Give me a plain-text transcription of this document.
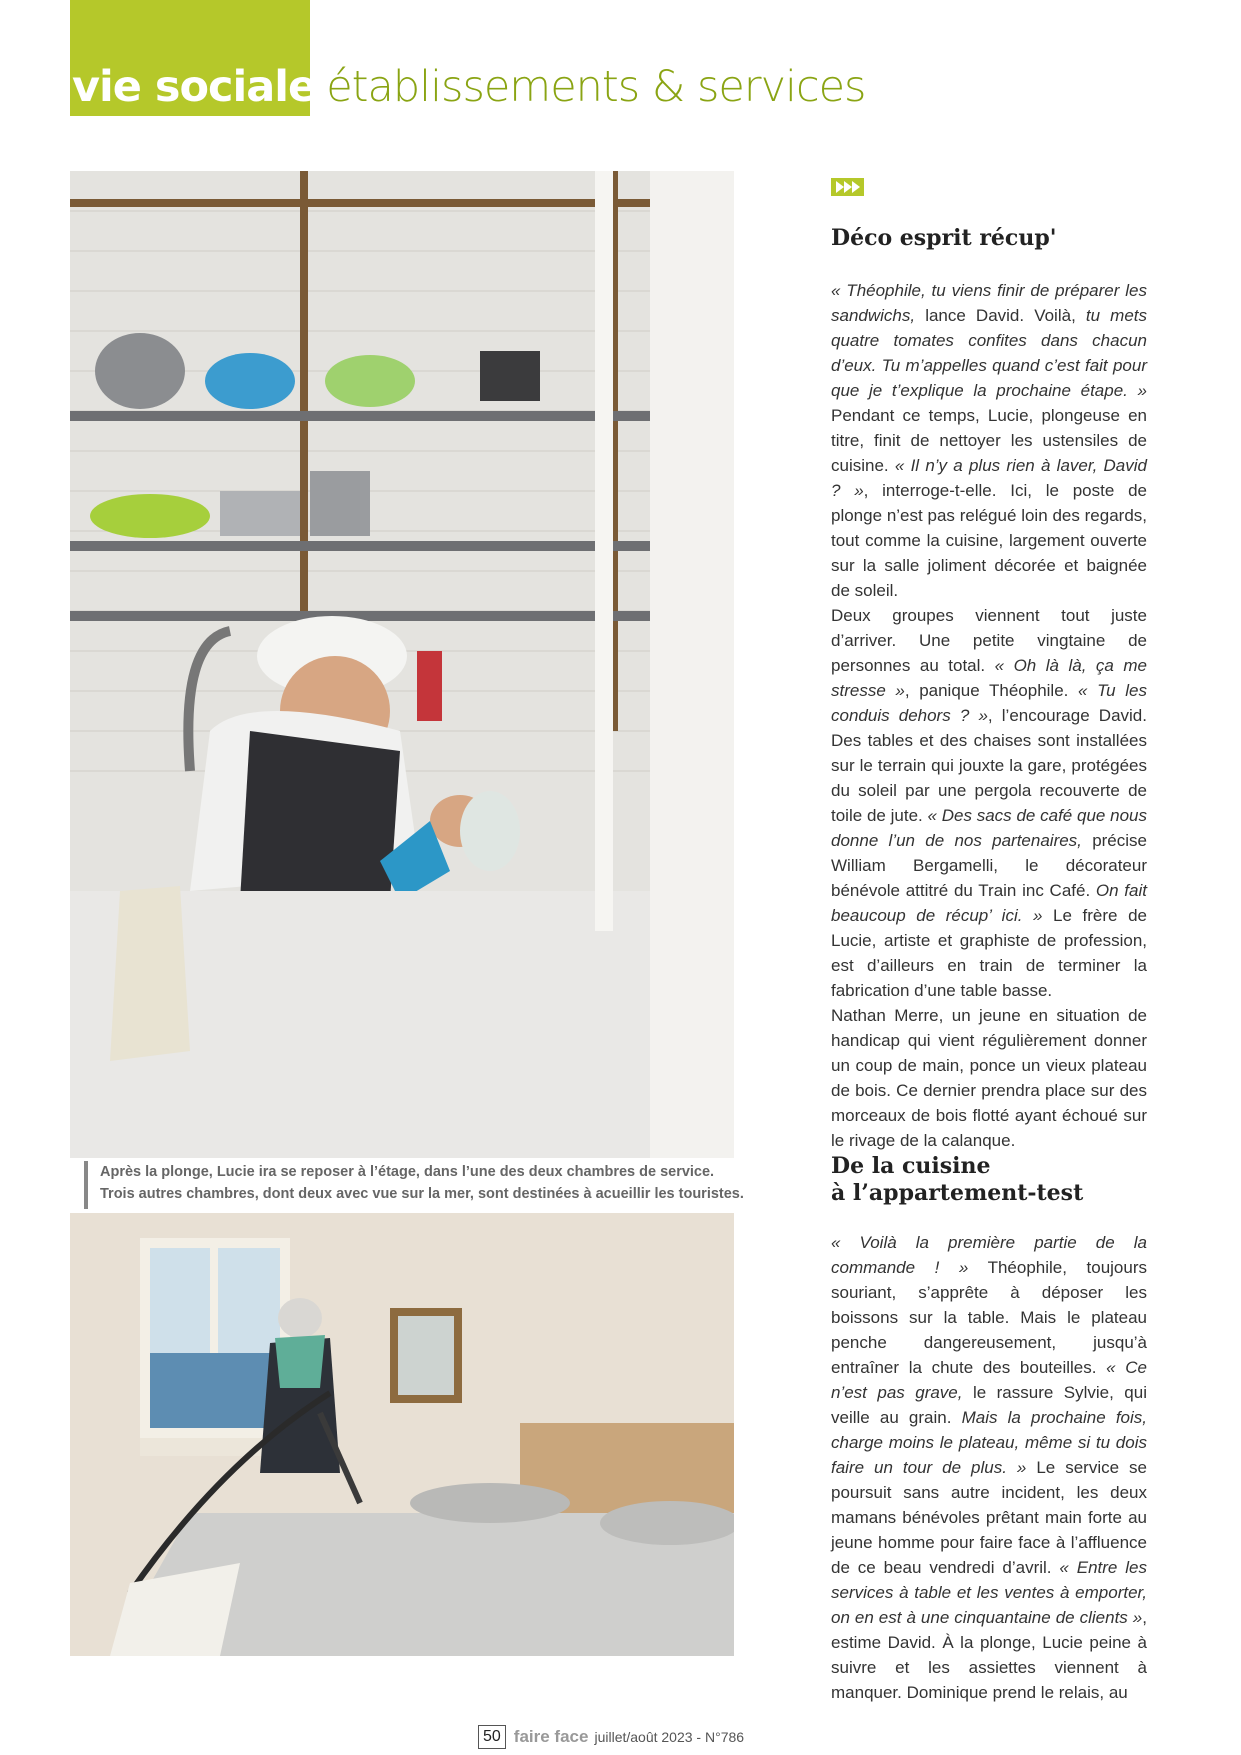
vie sociale établissements & services
Après la plonge, Lucie ira se reposer à l’étage, dans l’une des deux chambres de service.
Trois autres chambres, dont deux avec vue sur la mer, sont destinées à acueillir les touristes.
Déco esprit récup'

« Théophile, tu viens finir de préparer les sandwichs, lance David. Voilà, tu mets quatre tomates confites dans chacun d’eux. Tu m’appelles quand c’est fait pour que je t’explique la prochaine étape. » Pendant ce temps, Lucie, plongeuse en titre, finit de nettoyer les ustensiles de cuisine. « Il n’y a plus rien à laver, David ? », interroge-t-elle. Ici, le poste de plonge n’est pas relégué loin des regards, tout comme la cuisine, largement ouverte sur la salle joliment décorée et baignée de soleil.

Deux groupes viennent tout juste d’arriver. Une petite vingtaine de personnes au total. « Oh là là, ça me stresse », panique Théophile. « Tu les conduis dehors ? », l’encourage David. Des tables et des chaises sont installées sur le terrain qui jouxte la gare, protégées du soleil par une pergola recouverte de toile de jute. « Des sacs de café que nous donne l’un de nos partenaires, précise William Bergamelli, le décorateur bénévole attitré du Train inc Café. On fait beaucoup de récup’ ici. » Le frère de Lucie, artiste et graphiste de profession, est d’ailleurs en train de terminer la fabrication d’une table basse.

Nathan Merre, un jeune en situation de handicap qui vient régulièrement donner un coup de main, ponce un vieux plateau de bois. Ce dernier prendra place sur des morceaux de bois flotté ayant échoué sur le rivage de la calanque.

De la cuisine
à l’appartement-test

« Voilà la première partie de la commande ! » Théophile, toujours souriant, s’apprête à déposer les boissons sur la table. Mais le plateau penche dangereusement, jusqu’à entraîner la chute des bouteilles. « Ce n’est pas grave, le rassure Sylvie, qui veille au grain. Mais la prochaine fois, charge moins le plateau, même si tu dois faire un tour de plus. » Le service se poursuit sans autre incident, les deux mamans bénévoles prêtant main forte au jeune homme pour faire face à l’affluence de ce beau vendredi d’avril. « Entre les services à table et les ventes à emporter, on en est à une cinquantaine de clients », estime David. À la plonge, Lucie peine à suivre et les assiettes viennent à manquer. Dominique prend le relais, au

50 faire face juillet/août 2023 - N°786
